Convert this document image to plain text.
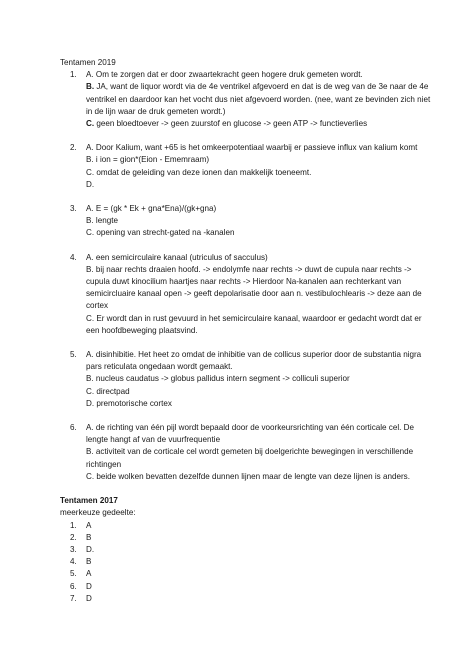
Tentamen 2019

1.	A. Om te zorgen dat er door zwaartekracht geen hogere druk gemeten wordt.

B. JA, want de liquor wordt via de 4e ventrikel afgevoerd en dat is de weg van de 3e naar de 4e ventrikel en daardoor kan het vocht dus niet afgevoerd worden. (nee, want ze bevinden zich niet in de lijn waar de druk gemeten wordt.)

C. geen bloedtoever -> geen zuurstof en glucose -> geen ATP -> functieverlies

2.	A. Door Kalium, want +65 is het omkeerpotentiaal waarbij er passieve influx van kalium komt

B. i ion = gion*(Eion - Ememraam)

C. omdat de geleiding van deze ionen dan makkelijk toeneemt.

D.

3.	A. E = (gk * Ek + gna*Ena)/(gk+gna)

B. lengte

C. opening van strecht-gated na -kanalen

4.	A. een semicirculaire kanaal (utriculus of sacculus)

B. bij naar rechts draaien hoofd. -> endolymfe naar rechts -> duwt de cupula naar rechts -> cupula duwt kinocilium haartjes naar rechts -> Hierdoor Na-kanalen aan rechterkant van semicircluaire kanaal open -> geeft depolarisatie door aan n. vestibulochlearis -> deze aan de cortex

C. Er wordt dan in rust gevuurd in het semicirculaire kanaal, waardoor er gedacht wordt dat er een hoofdbeweging plaatsvind.

5.	A. disinhibitie. Het heet zo omdat de inhibitie van de collicus superior door de substantia nigra pars reticulata ongedaan wordt gemaakt.

B. nucleus caudatus -> globus pallidus intern segment -> colliculi superior

C. directpad

D. premotorische cortex

6.	A. de richting van één pijl wordt bepaald door de voorkeursrichting van één corticale cel. De lengte hangt af van de vuurfrequentie

B. activiteit van de corticale cel wordt gemeten bij doelgerichte bewegingen in verschillende richtingen

C. beide wolken bevatten dezelfde dunnen lijnen maar de lengte van deze lijnen is anders.

Tentamen 2017

meerkeuze gedeelte:

1.	A
2.	B
3.	D.
4.	B
5.	A
6.	D
7.	D
